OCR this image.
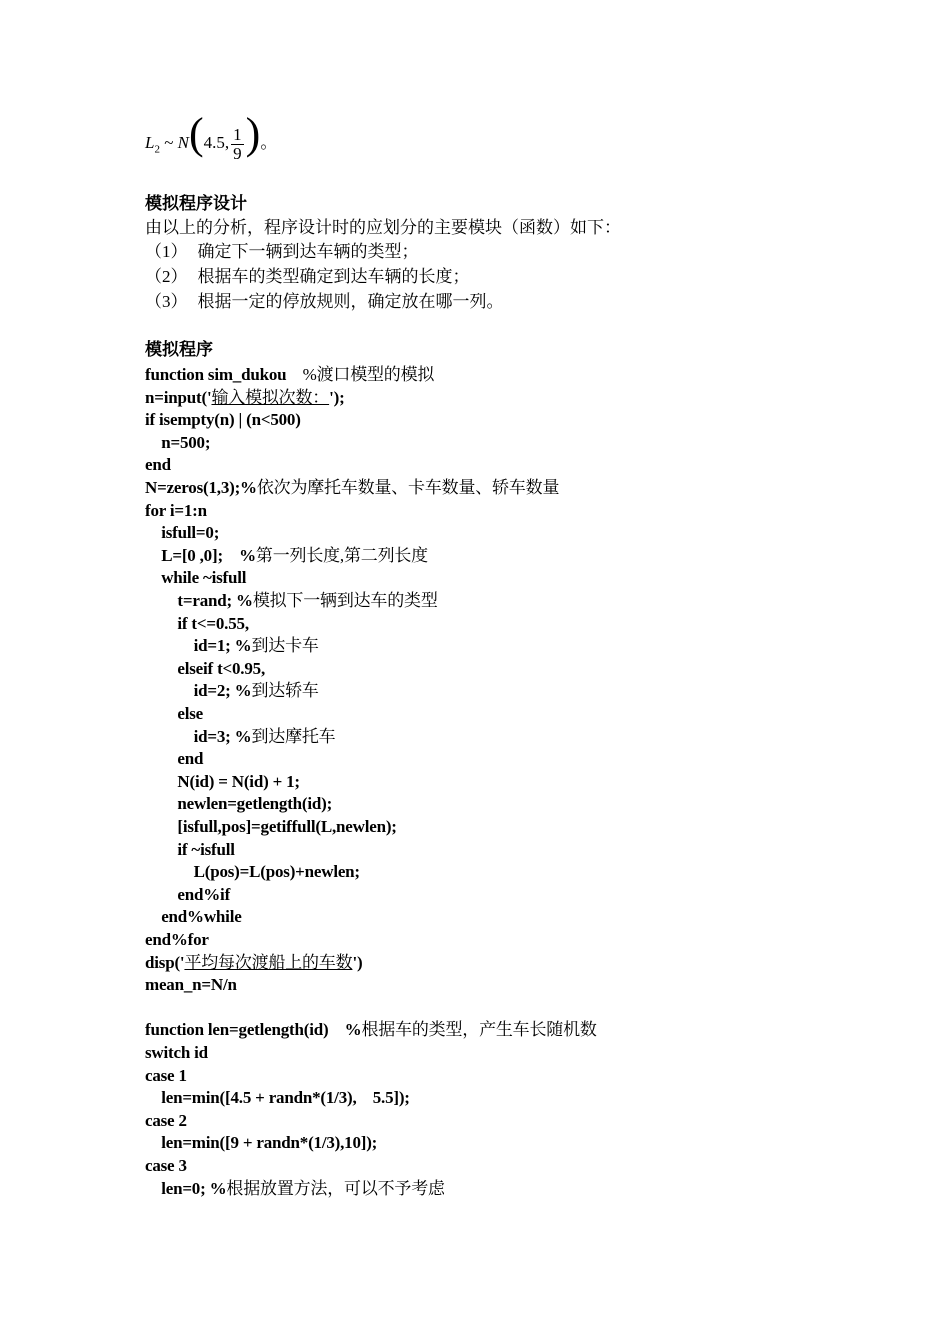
$L_2$ ~ N(4.5, $\frac{1}{9}$ )。
模拟程序设计
由以上的分析，程序设计时的应划分的主要模块（函数）如下：
（1） 确定下一辆到达车辆的类型；
（2） 根据车的类型确定到达车辆的长度；
（3） 根据一定的停放规则，确定放在哪一列。
模拟程序
function sim_dukou    %渡口模型的模拟
n=input('输入模拟次数：');
if isempty(n) | (n<500)
n=500;
end
N=zeros(1,3);%依次为摩托车数量、卡车数量、轿车数量
for i=1:n
isfull=0;
L=[0 ,0];    %第一列长度,第二列长度
while ~isfull
t=rand; %模拟下一辆到达车的类型
if t<=0.55,
id=1; %到达卡车
elseif t<0.95,
id=2; %到达轿车
else
id=3; %到达摩托车
end
N(id) = N(id) + 1;
newlen=getlength(id);
[isfull,pos]=getiffull(L,newlen);
if ~isfull
L(pos)=L(pos)+newlen;
end%if
end%while
end%for
disp('平均每次渡船上的车数')
mean_n=N/n
function len=getlength(id)    %根据车的类型，产生车长随机数
switch id
case 1
len=min([4.5 + randn*(1/3),    5.5]);
case 2
len=min([9 + randn*(1/3),10]);
case 3
len=0; %根据放置方法，可以不予考虑
